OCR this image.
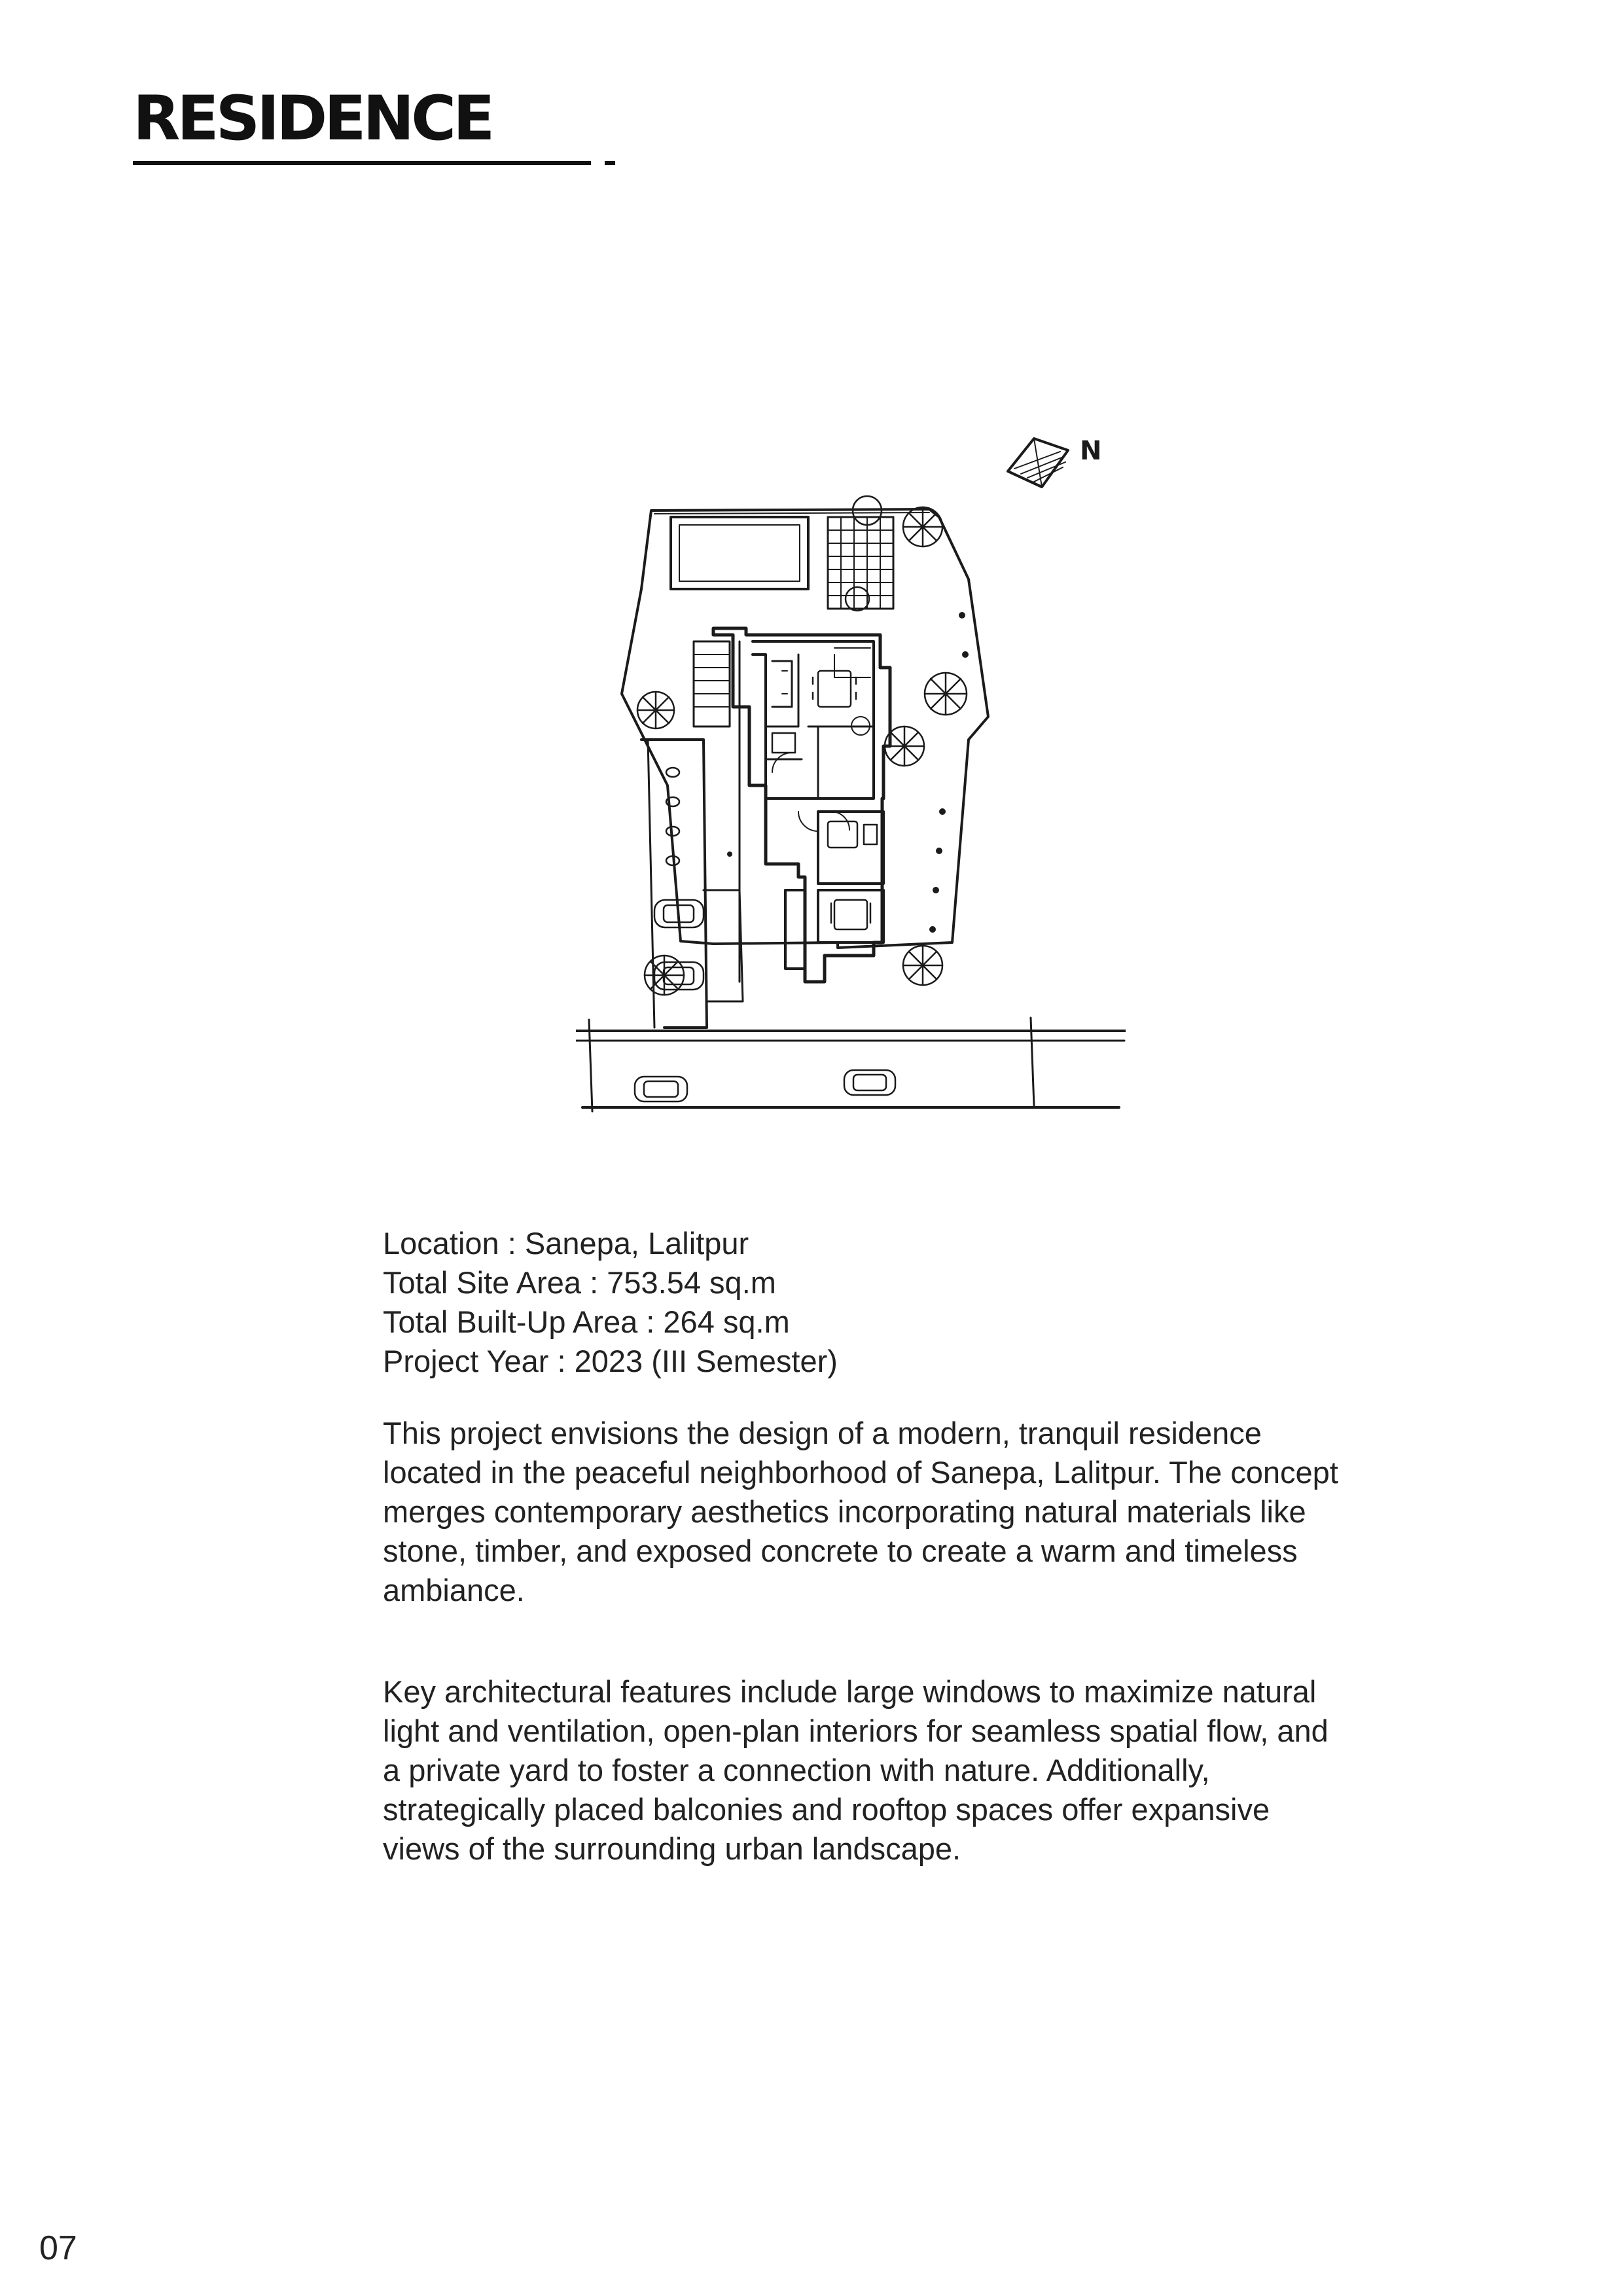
RESIDENCE
N

Location : Sanepa, Lalitpur

Total Site Area : 753.54 sq.m

Total Built-Up Area : 264 sq.m

Project Year : 2023 (III Semester)

This project envisions the design of a modern, tranquil residence located in the peaceful neighborhood of Sanepa, Lalitpur. The concept merges contemporary aesthetics incorporating natural materials like stone, timber, and exposed concrete to create a warm and timeless ambiance.

Key architectural features include large windows to maximize natural light and ventilation, open-plan interiors for seamless spatial flow, and a private yard to foster a connection with nature. Additionally, strategically placed balconies and rooftop spaces offer expansive views of the surrounding urban landscape.

07
